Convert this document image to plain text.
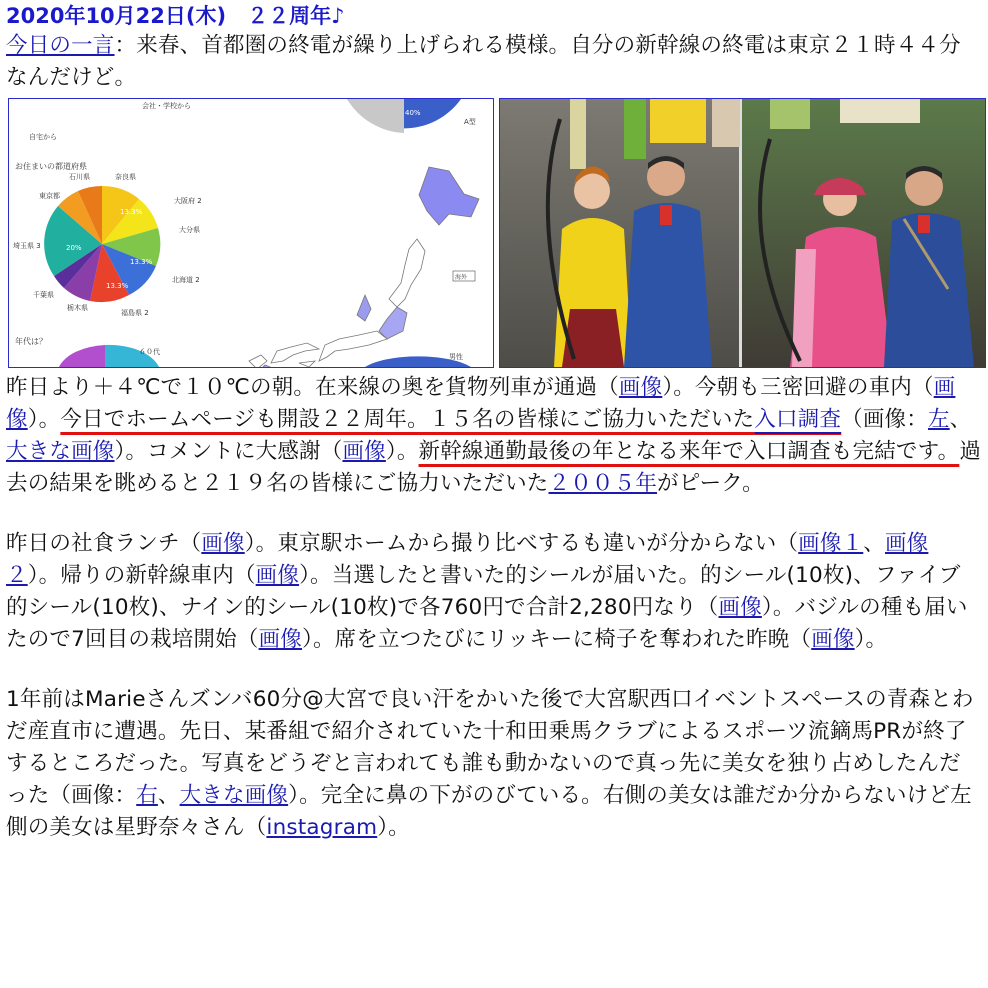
2020年10月22日(木)　２２周年♪

今日の一言：来春、首都圏の終電が繰り上げられる模様。自分の新幹線の終電は東京２１時４４分なんだけど。

40%
A型
会社・学校から
自宅から
お住まいの都道府県
13.3%
20%
13.3%
13.3%
石川県	奈良県
東京都
大阪府 2
大分県
埼玉県 3
北海道 2
千葉県
栃木県
福島県 2
年代は？
６０代
男性
海外

昨日より＋４℃で１０℃の朝。在来線の奥を貨物列車が通過（画像）。今朝も三密回避の車内（画像）。今日でホームページも開設２２周年。１５名の皆様にご協力いただいた入口調査（画像：左、大きな画像）。コメントに大感謝（画像）。新幹線通勤最後の年となる来年で入口調査も完結です。過去の結果を眺めると２１９名の皆様にご協力いただいた２００５年がピーク。

昨日の社食ランチ（画像）。東京駅ホームから撮り比べするも違いが分からない（画像１、画像２）。帰りの新幹線車内（画像）。当選したと書いた的シールが届いた。的シール(10枚)、ファイブ的シール(10枚)、ナイン的シール(10枚)で各760円で合計2,280円なり（画像）。バジルの種も届いたので7回目の栽培開始（画像）。席を立つたびにリッキーに椅子を奪われた昨晩（画像）。

1年前はMarieさんズンバ60分@大宮で良い汗をかいた後で大宮駅西口イベントスペースの青森とわだ産直市に遭遇。先日、某番組で紹介されていた十和田乗馬クラブによるスポーツ流鏑馬PRが終了するところだった。写真をどうぞと言われても誰も動かないので真っ先に美女を独り占めしたんだった（画像：右、大きな画像）。完全に鼻の下がのびている。右側の美女は誰だか分からないけど左側の美女は星野奈々さん（instagram）。
